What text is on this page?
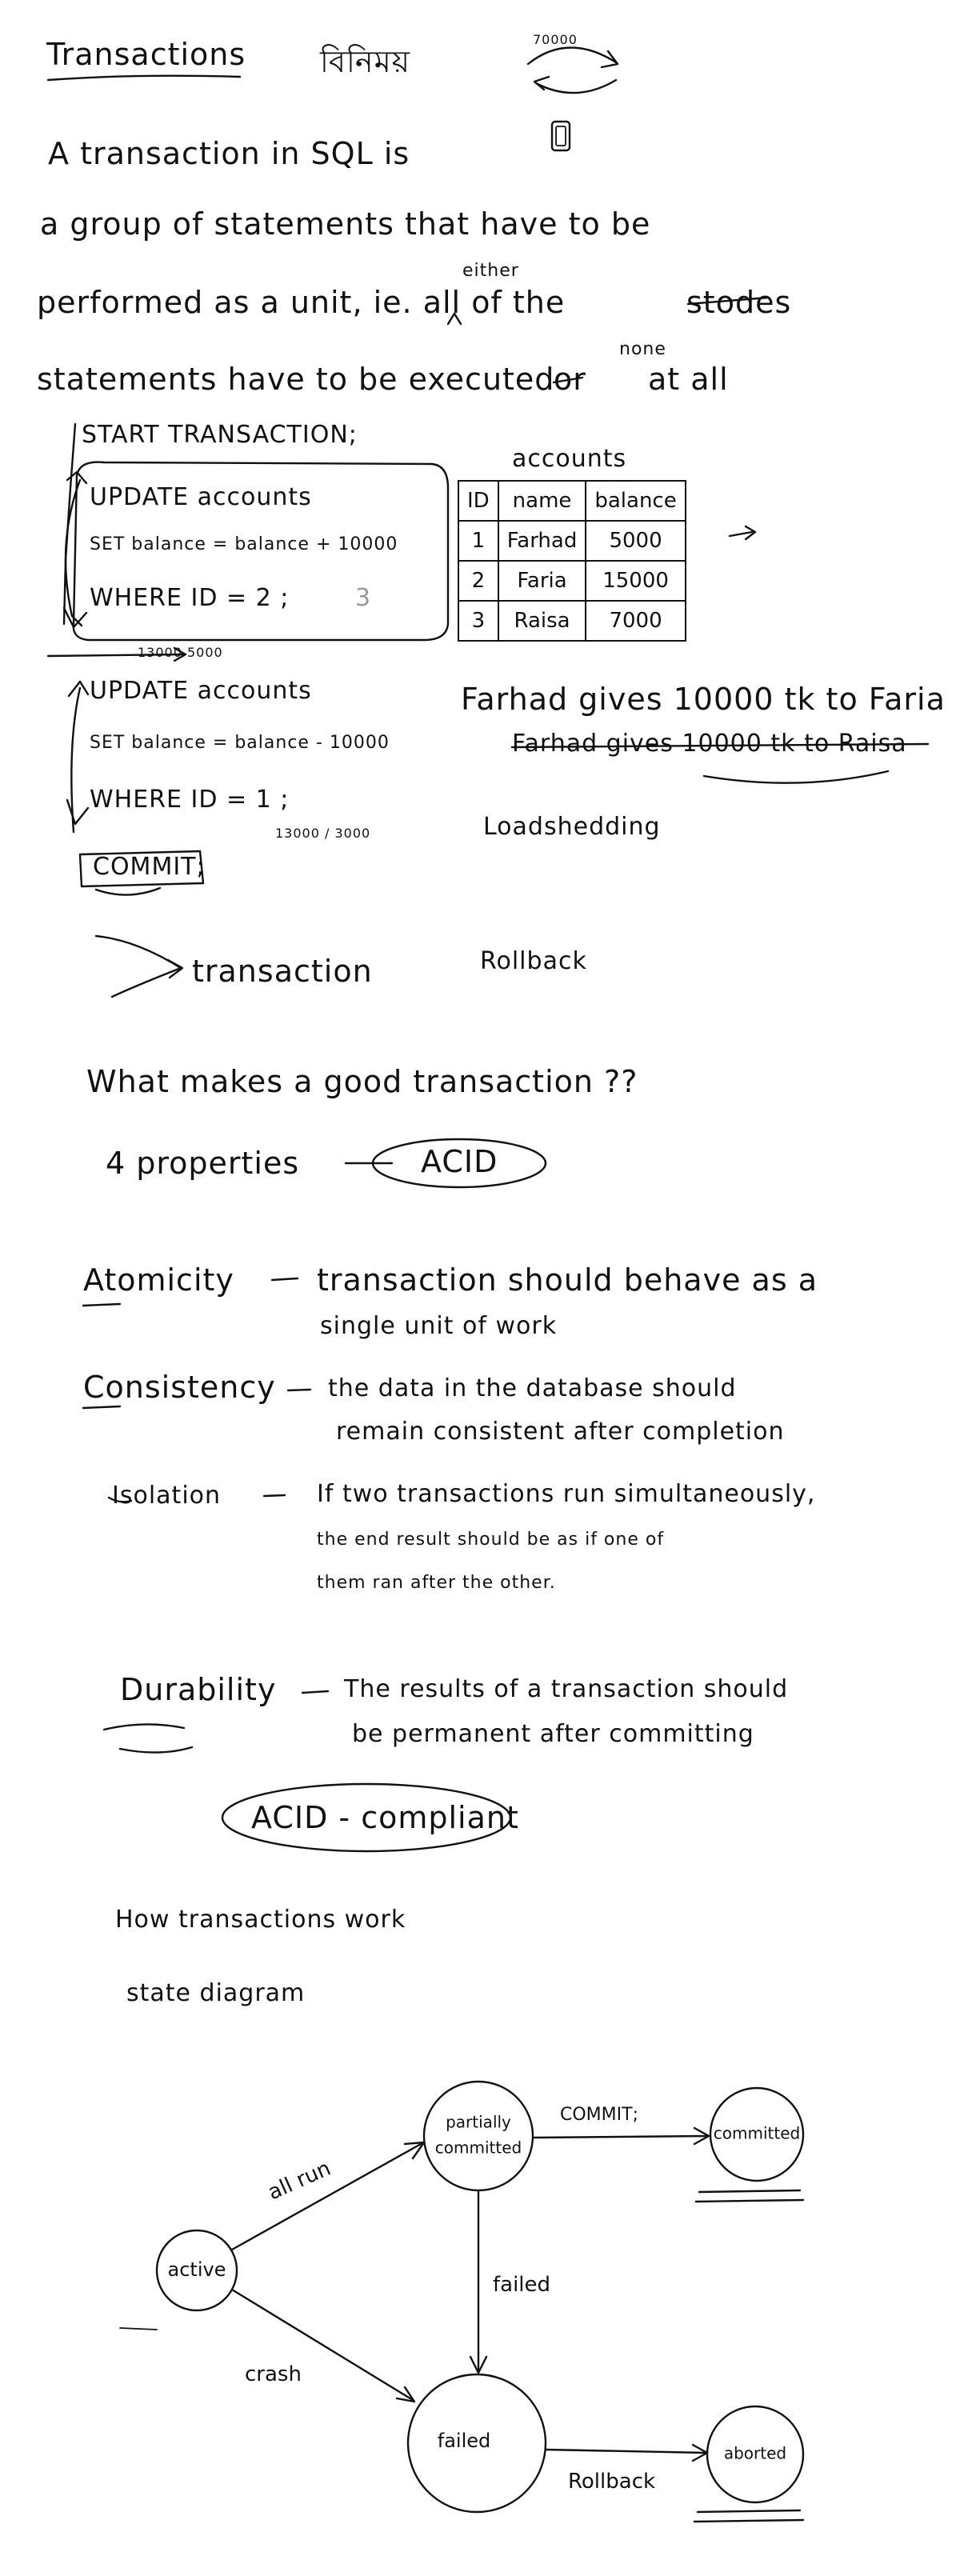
active
partially
committed
committed
failed
aborted
all run
COMMIT;
failed
crash
Rollback
Transactions বিনিময়
70000
A transaction in SQL is
a group of statements that have to be
either
performed as a unit, ie. all of the	stodes
none
statements have to be executed
or at all
START TRANSACTION;
UPDATE accounts
SET balance = balance + 10000
WHERE ID = 2 ;	3
13000 5000
accounts
ID	name	balance
1	Farhad	5000
2	Faria	15000
3	Raisa	7000
UPDATE accounts
SET balance = balance - 10000
WHERE ID = 1 ;
13000 / 3000
COMMIT;
transaction	Rollback
Loadshedding
Farhad gives 10000 tk to Faria
Farhad gives 10000 tk to Raisa
What makes a good transaction ??
4 properties	ACID
Atomicity	transaction should behave as a
single unit of work
Consistency the data in the database should
remain consistent after completion
Isolation	If two transactions run simultaneously,
the end result should be as if one of
them ran after the other.
Durability	The results of a transaction should
be permanent after committing
ACID - compliant
How transactions work
state diagram
